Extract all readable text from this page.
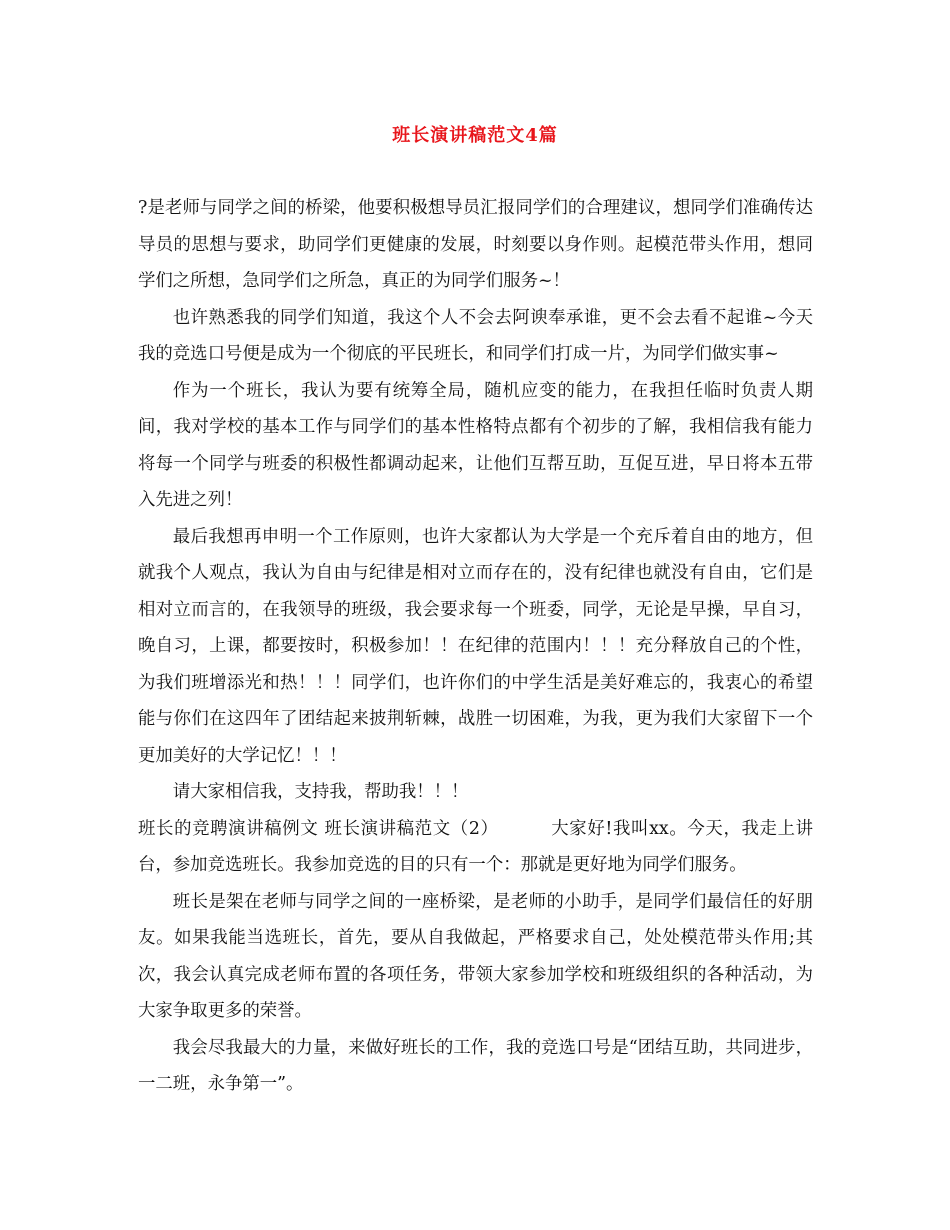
班长演讲稿范文4篇

?是老师与同学之间的桥梁，他要积极想导员汇报同学们的合理建议，想同学们准确传达导员的思想与要求，助同学们更健康的发展，时刻要以身作则。起模范带头作用，想同学们之所想，急同学们之所急，真正的为同学们服务~！

也许熟悉我的同学们知道，我这个人不会去阿谀奉承谁，更不会去看不起谁~今天我的竞选口号便是成为一个彻底的平民班长，和同学们打成一片，为同学们做实事~

作为一个班长，我认为要有统筹全局，随机应变的能力，在我担任临时负责人期间，我对学校的基本工作与同学们的基本性格特点都有个初步的了解，我相信我有能力将每一个同学与班委的积极性都调动起来，让他们互帮互助，互促互进，早日将本五带入先进之列！

最后我想再申明一个工作原则，也许大家都认为大学是一个充斥着自由的地方，但就我个人观点，我认为自由与纪律是相对立而存在的，没有纪律也就没有自由，它们是相对立而言的，在我领导的班级，我会要求每一个班委，同学，无论是早操，早自习，晚自习，上课，都要按时，积极参加！！在纪律的范围内！！！充分释放自己的个性，为我们班增添光和热！！！同学们，也许你们的中学生活是美好难忘的，我衷心的希望能与你们在这四年了团结起来披荆斩棘，战胜一切困难，为我，更为我们大家留下一个更加美好的大学记忆！！！

请大家相信我，支持我，帮助我！！！

班长的竞聘演讲稿例文 班长演讲稿范文（2）	大家好!我叫xx。今天，我走上讲台，参加竞选班长。我参加竞选的目的只有一个：那就是更好地为同学们服务。

班长是架在老师与同学之间的一座桥梁，是老师的小助手，是同学们最信任的好朋友。如果我能当选班长，首先，要从自我做起，严格要求自己，处处模范带头作用;其次，我会认真完成老师布置的各项任务，带领大家参加学校和班级组织的各种活动，为大家争取更多的荣誉。

我会尽我最大的力量，来做好班长的工作，我的竞选口号是“团结互助，共同进步，一二班，永争第一”。
